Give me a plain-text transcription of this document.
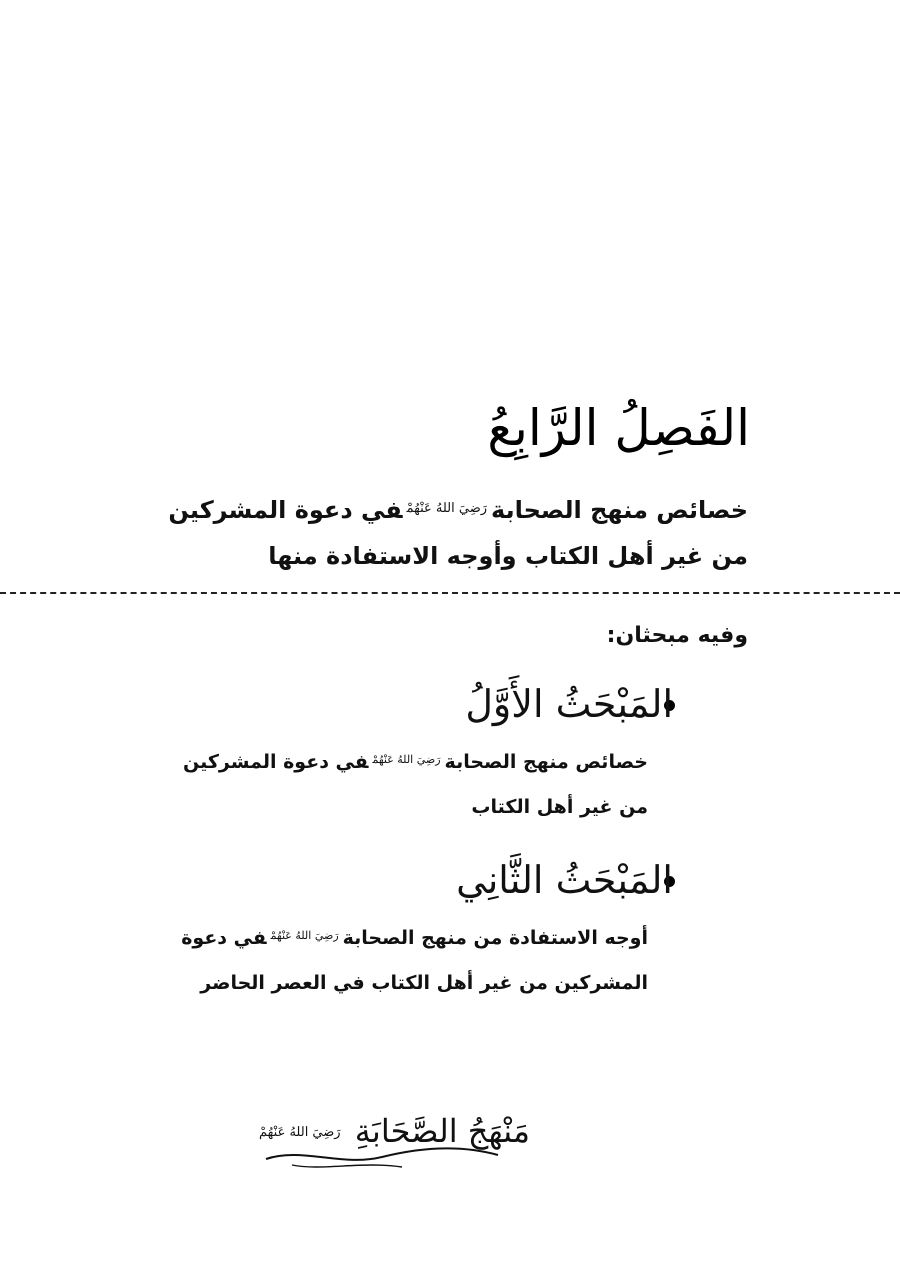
الفَصِلُ الرَّابِعُ
خصائص منهج الصحابة$^{رَضِيَ اللهُ عَنْهُمْ}$في دعوة المشركين
من غير أهل الكتاب وأوجه الاستفادة منها
وفيه مبحثان:
المَبْحَثُ الأَوَّلُ
خصائص منهج الصحابة$^{رَضِيَ اللهُ عَنْهُمْ}$في دعوة المشركين
من غير أهل الكتاب
المَبْحَثُ الثَّانِي
أوجه الاستفادة من منهج الصحابة$^{رَضِيَ اللهُ عَنْهُمْ}$في دعوة
المشركين من غير أهل الكتاب في العصر الحاضر
مَنْهَجُ الصَّحَابَةِ رَضِيَ اللهُ عَنْهُمْ
